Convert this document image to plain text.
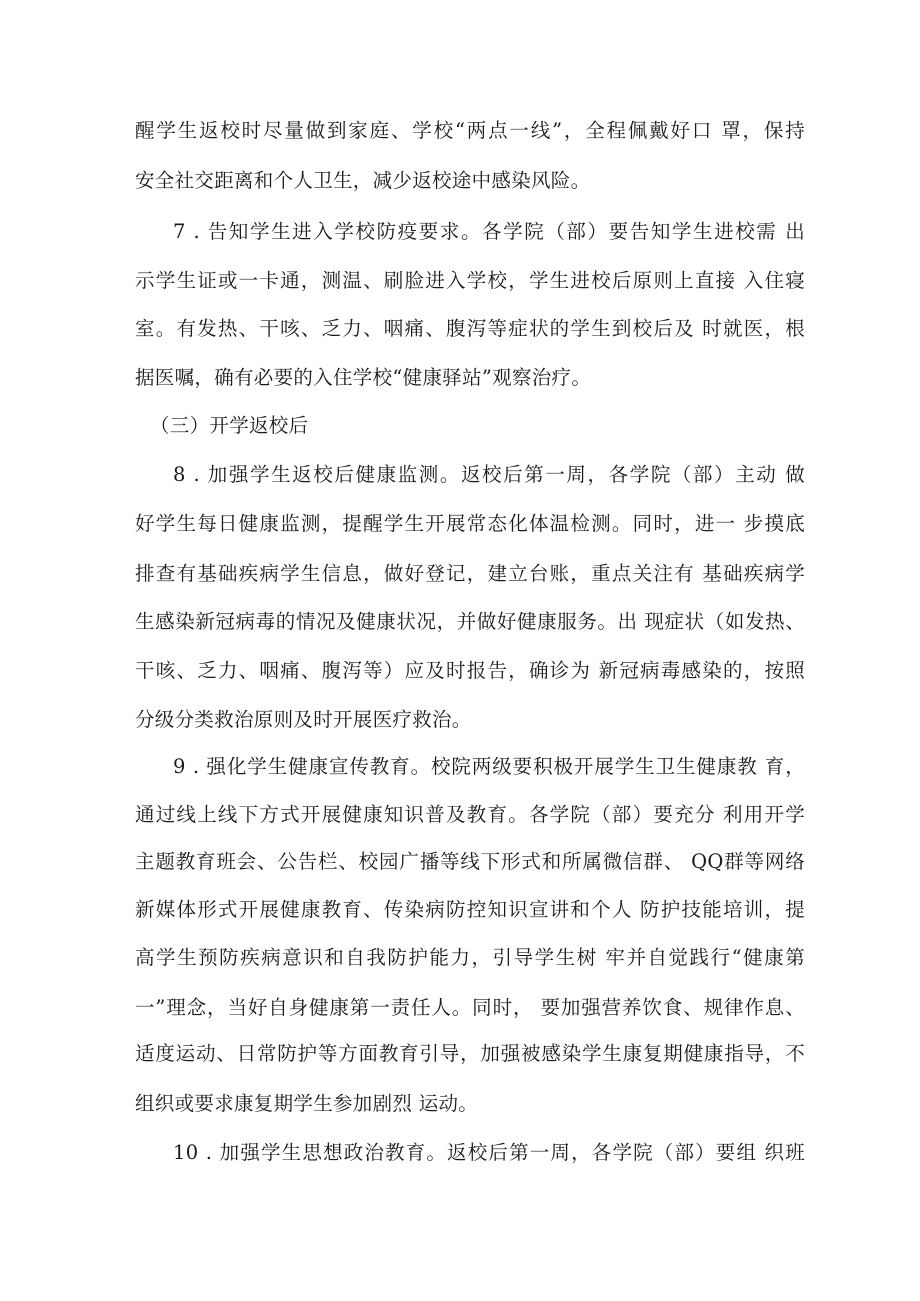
醒学生返校时尽量做到家庭、学校“两点一线”，全程佩戴好口 罩，保持
安全社交距离和个人卫生，减少返校途中感染风险。
7 . 告知学生进入学校防疫要求。各学院（部）要告知学生进校需 出
示学生证或一卡通，测温、刷脸进入学校，学生进校后原则上直接 入住寝
室。有发热、干咳、乏力、咽痛、腹泻等症状的学生到校后及 时就医，根
据医嘱，确有必要的入住学校“健康驿站”观察治疗。
（三）开学返校后
8 . 加强学生返校后健康监测。返校后第一周，各学院（部）主动 做
好学生每日健康监测，提醒学生开展常态化体温检测。同时，进一 步摸底
排查有基础疾病学生信息，做好登记，建立台账，重点关注有 基础疾病学
生感染新冠病毒的情况及健康状况，并做好健康服务。出 现症状（如发热、
干咳、乏力、咽痛、腹泻等）应及时报告，确诊为 新冠病毒感染的，按照
分级分类救治原则及时开展医疗救治。
9 . 强化学生健康宣传教育。校院两级要积极开展学生卫生健康教 育，
通过线上线下方式开展健康知识普及教育。各学院（部）要充分 利用开学
主题教育班会、公告栏、校园广播等线下形式和所属微信群、 QQ群等网络
新媒体形式开展健康教育、传染病防控知识宣讲和个人 防护技能培训，提
高学生预防疾病意识和自我防护能力，引导学生树 牢并自觉践行“健康第
一”理念，当好自身健康第一责任人。同时， 要加强营养饮食、规律作息、
适度运动、日常防护等方面教育引导，加强被感染学生康复期健康指导，不
组织或要求康复期学生参加剧烈 运动。
10 . 加强学生思想政治教育。返校后第一周，各学院（部）要组 织班
